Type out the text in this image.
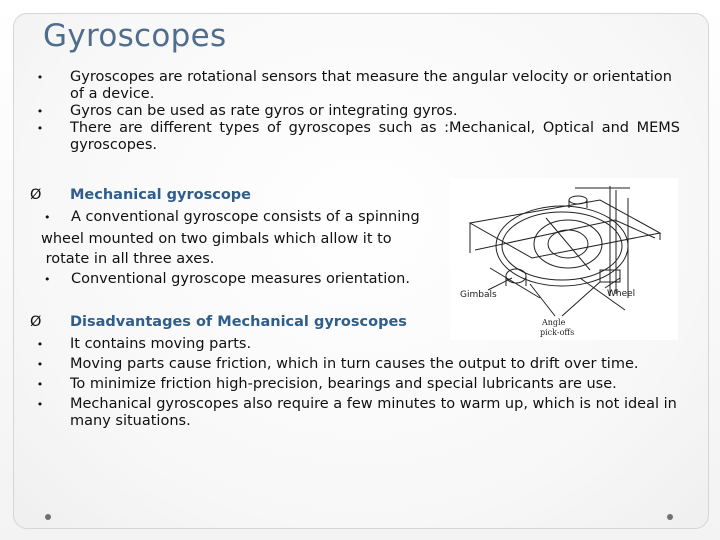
Gyroscopes
•	Gyroscopes are rotational sensors that measure the angular velocity or orientation of a device.
•	Gyros can be used as rate gyros or integrating gyros.
•	There are different types of gyroscopes such as :Mechanical, Optical and MEMS gyroscopes.
Ø Mechanical gyroscope
• A conventional gyroscope consists of a spinning
wheel mounted on two gimbals which allow it to
rotate in all three axes.
• Conventional gyroscope measures orientation.
Gimbals	Wheel
Angle
pick-offs
Ø Disadvantages of Mechanical gyroscopes
•	It contains moving parts.
•	Moving parts cause friction, which in turn causes the output to drift over time.
•	To minimize friction high-precision, bearings and special lubricants are use.
•	Mechanical gyroscopes also require a few minutes to warm up, which is not ideal in many situations.
